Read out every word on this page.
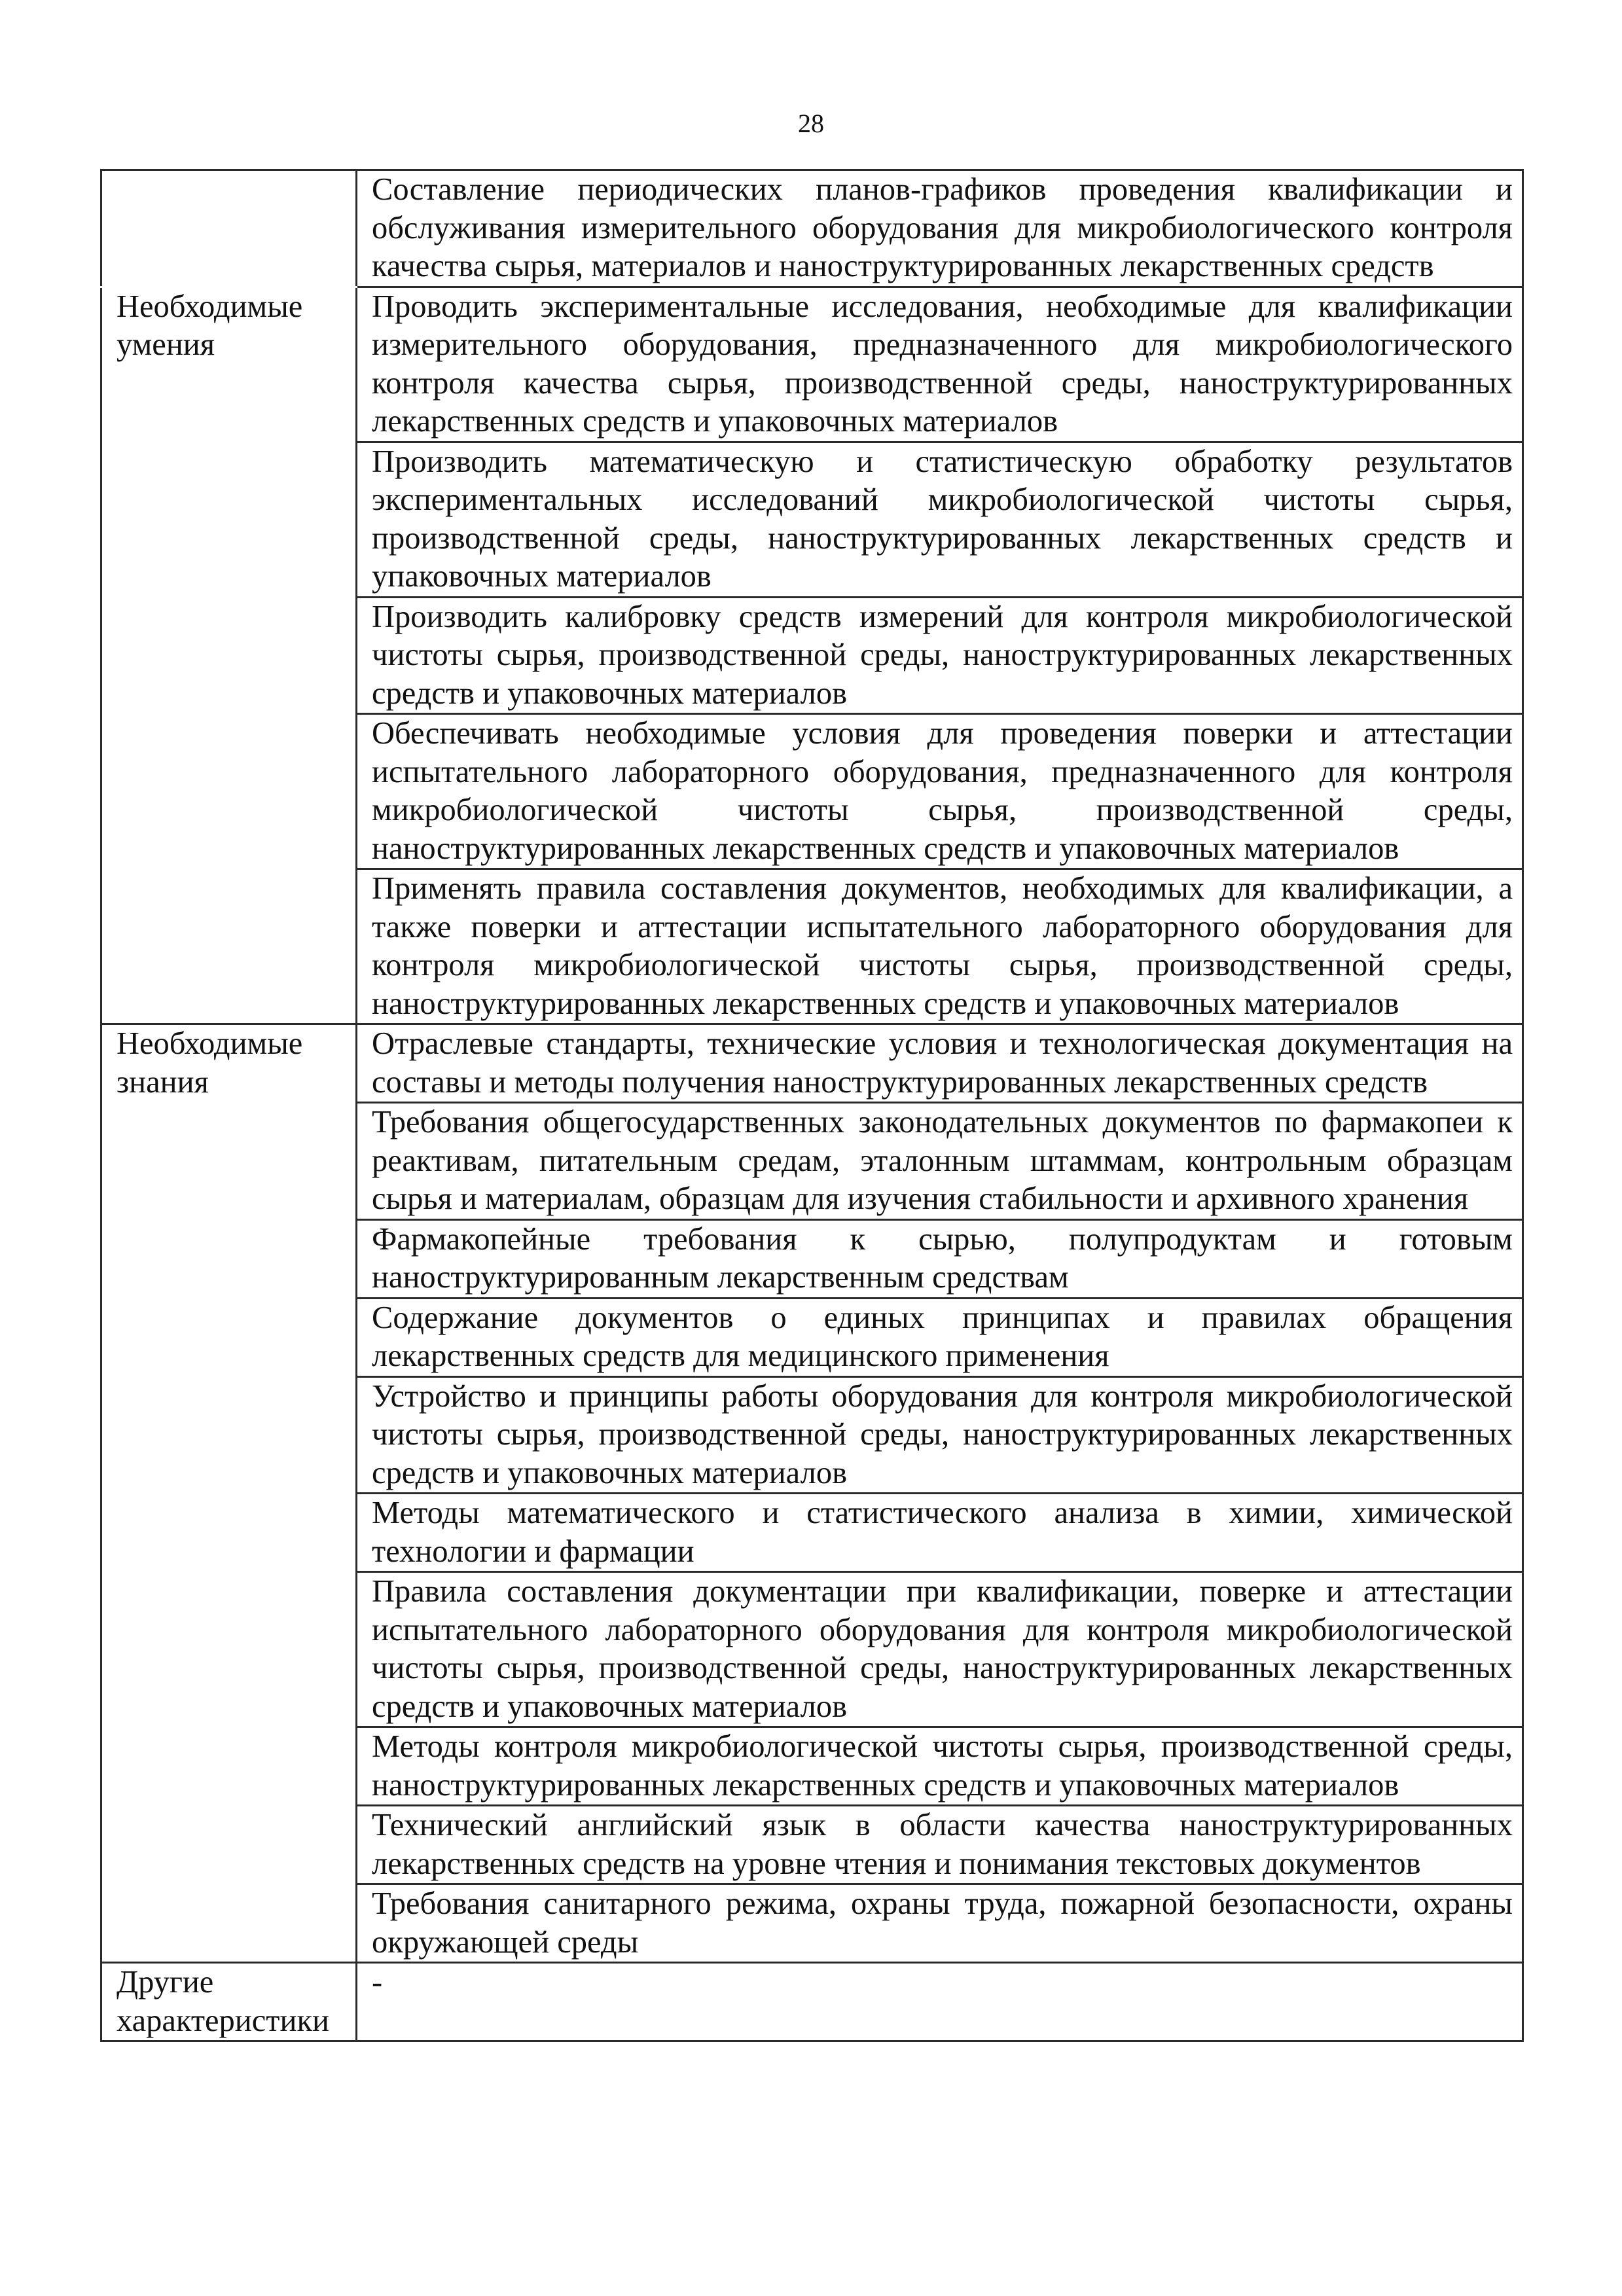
28
	Составление периодических планов-графиков проведения квалификации и обслуживания измерительного оборудования для микробиологического контроля качества сырья, материалов и наноструктурированных лекарственных средств
Необходимые умения	Проводить экспериментальные исследования, необходимые для квалификации измерительного оборудования, предназначенного для микробиологического контроля качества сырья, производственной среды, наноструктурированных лекарственных средств и упаковочных материалов
	Производить математическую и статистическую обработку результатов экспериментальных исследований микробиологической чистоты сырья, производственной среды, наноструктурированных лекарственных средств и упаковочных материалов
	Производить калибровку средств измерений для контроля микробиологической чистоты сырья, производственной среды, наноструктурированных лекарственных средств и упаковочных материалов
	Обеспечивать необходимые условия для проведения поверки и аттестации испытательного лабораторного оборудования, предназначенного для контроля микробиологической чистоты сырья, производственной среды, наноструктурированных лекарственных средств и упаковочных материалов
	Применять правила составления документов, необходимых для квалификации, а также поверки и аттестации испытательного лабораторного оборудования для контроля микробиологической чистоты сырья, производственной среды, наноструктурированных лекарственных средств и упаковочных материалов
Необходимые знания	Отраслевые стандарты, технические условия и технологическая документация на составы и методы получения наноструктурированных лекарственных средств
	Требования общегосударственных законодательных документов по фармакопеи к реактивам, питательным средам, эталонным штаммам, контрольным образцам сырья и материалам, образцам для изучения стабильности и архивного хранения
	Фармакопейные требования к сырью, полупродуктам и готовым наноструктурированным лекарственным средствам
	Содержание документов о единых принципах и правилах обращения лекарственных средств для медицинского применения
	Устройство и принципы работы оборудования для контроля микробиологической чистоты сырья, производственной среды, наноструктурированных лекарственных средств и упаковочных материалов
	Методы математического и статистического анализа в химии, химической технологии и фармации
	Правила составления документации при квалификации, поверке и аттестации испытательного лабораторного оборудования для контроля микробиологической чистоты сырья, производственной среды, наноструктурированных лекарственных средств и упаковочных материалов
	Методы контроля микробиологической чистоты сырья, производственной среды, наноструктурированных лекарственных средств и упаковочных материалов
	Технический английский язык в области качества наноструктурированных лекарственных средств на уровне чтения и понимания текстовых документов
	Требования санитарного режима, охраны труда, пожарной безопасности, охраны окружающей среды
Другие характеристики	-
